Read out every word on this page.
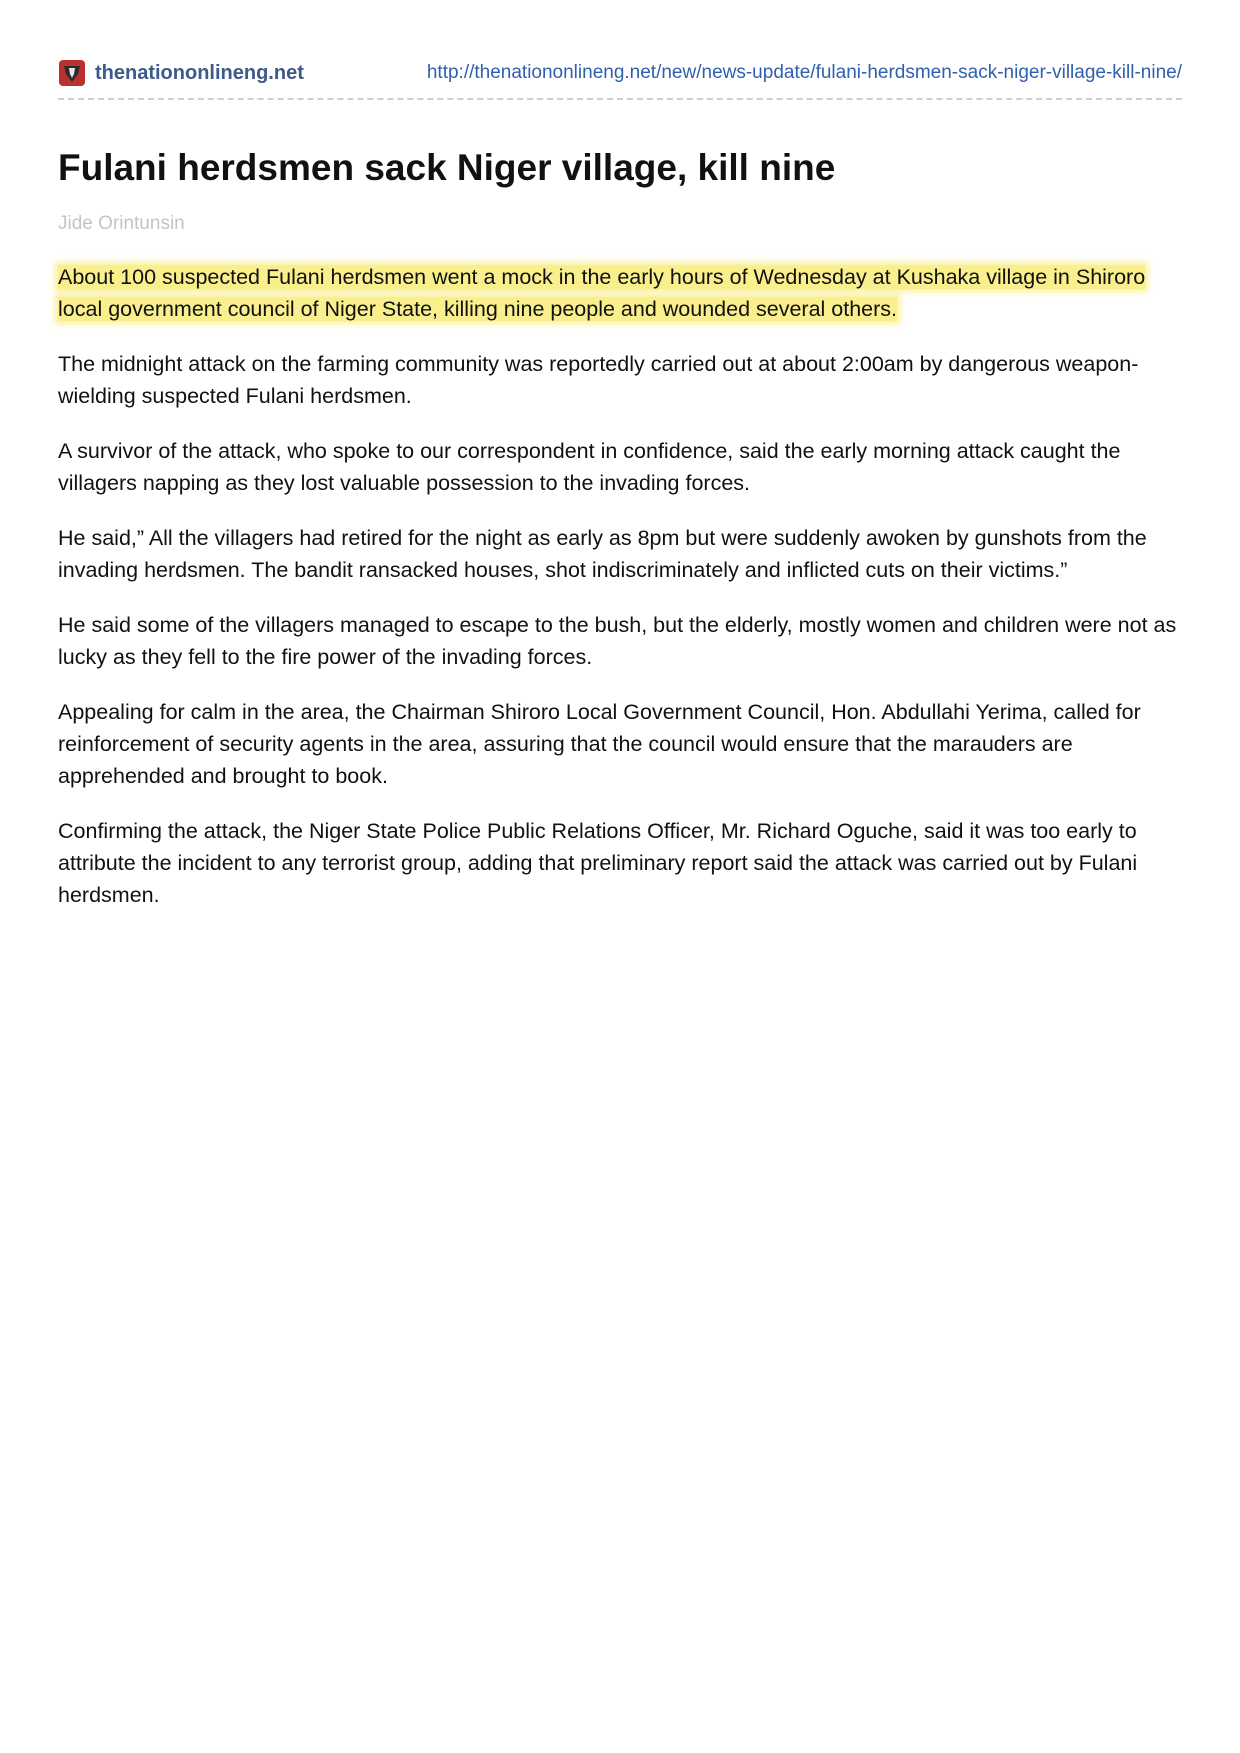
thenationonlineng.net	http://thenationonlineng.net/new/news-update/fulani-herdsmen-sack-niger-village-kill-nine/
Fulani herdsmen sack Niger village, kill nine
Jide Orintunsin

About 100 suspected Fulani herdsmen went a mock in the early hours of Wednesday at Kushaka village in Shiroro local government council of Niger State, killing nine people and wounded several others.

The midnight attack on the farming community was reportedly carried out at about 2:00am by dangerous weapon- wielding suspected Fulani herdsmen.

A survivor of the attack, who spoke to our correspondent in confidence, said the early morning attack caught the villagers napping as they lost valuable possession to the invading forces.

He said,” All the villagers had retired for the night as early as 8pm but were suddenly awoken by gunshots from the invading herdsmen. The bandit ransacked houses, shot indiscriminately and inflicted cuts on their victims.”

He said some of the villagers managed to escape to the bush, but the elderly, mostly women and children were not as lucky as they fell to the fire power of the invading forces.

Appealing for calm in the area, the Chairman Shiroro Local Government Council, Hon. Abdullahi Yerima, called for reinforcement of security agents in the area, assuring that the council would ensure that the marauders are apprehended and brought to book.

Confirming the attack, the Niger State Police Public Relations Officer, Mr. Richard Oguche, said it was too early to attribute the incident to any terrorist group, adding that preliminary report said the attack was carried out by Fulani herdsmen.
